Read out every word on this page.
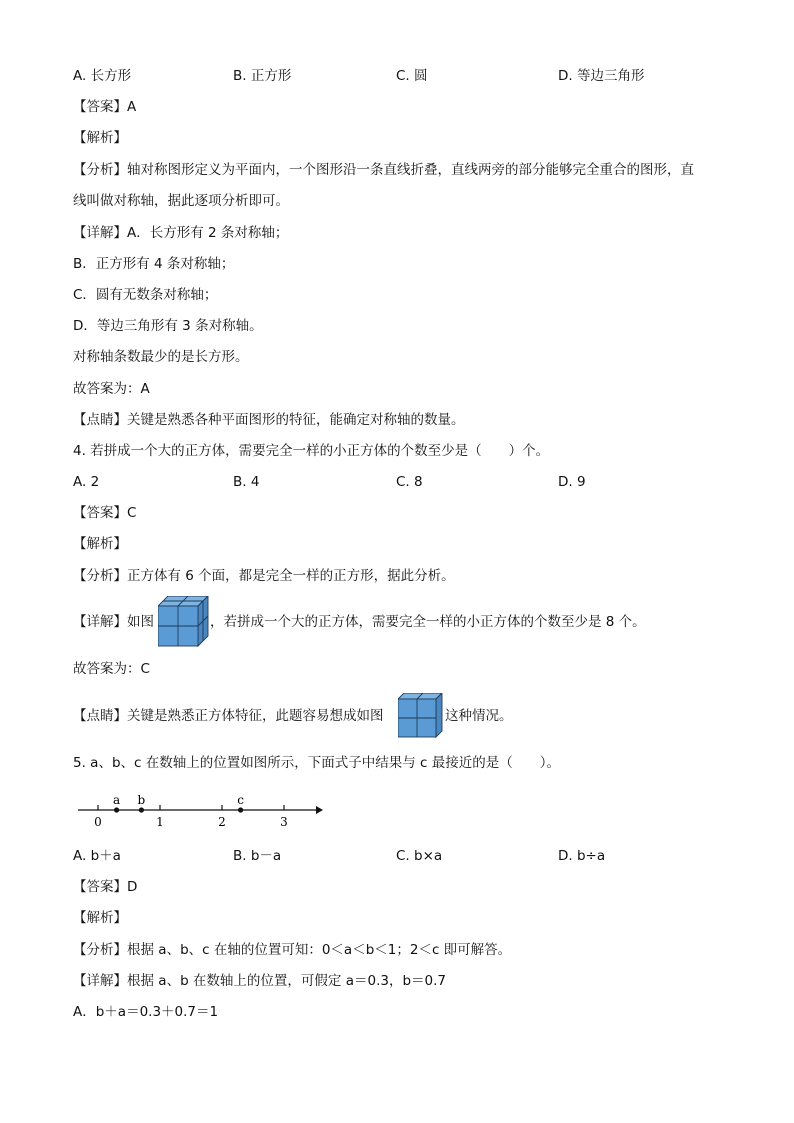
A. 长方形	B. 正方形	C. 圆	D. 等边三角形
【答案】A
【解析】
【分析】轴对称图形定义为平面内，一个图形沿一条直线折叠，直线两旁的部分能够完全重合的图形，直
线叫做对称轴，据此逐项分析即可。
【详解】A．长方形有 2 条对称轴；
B．正方形有 4 条对称轴；
C．圆有无数条对称轴；
D．等边三角形有 3 条对称轴。
对称轴条数最少的是长方形。
故答案为：A
【点睛】关键是熟悉各种平面图形的特征，能确定对称轴的数量。
4. 若拼成一个大的正方体，需要完全一样的小正方体的个数至少是（　　）个。
A. 2	B. 4	C. 8	D. 9
【答案】C
【解析】
【分析】正方体有 6 个面，都是完全一样的正方形，据此分析。
【详解】如图	，若拼成一个大的正方体，需要完全一样的小正方体的个数至少是 8 个。
故答案为：C
【点睛】关键是熟悉正方体特征，此题容易想成如图	这种情况。
5. a、b、c 在数轴上的位置如图所示，下面式子中结果与 c 最接近的是（　　）。
0	1	2	3
a b	c
A. b＋a	B. b－a	C. b×a	D. b÷a
【答案】D
【解析】
【分析】根据 a、b、c 在轴的位置可知：0＜a＜b＜1；2＜c 即可解答。
【详解】根据 a、b 在数轴上的位置，可假定 a＝0.3，b＝0.7
A．b＋a＝0.3＋0.7＝1
